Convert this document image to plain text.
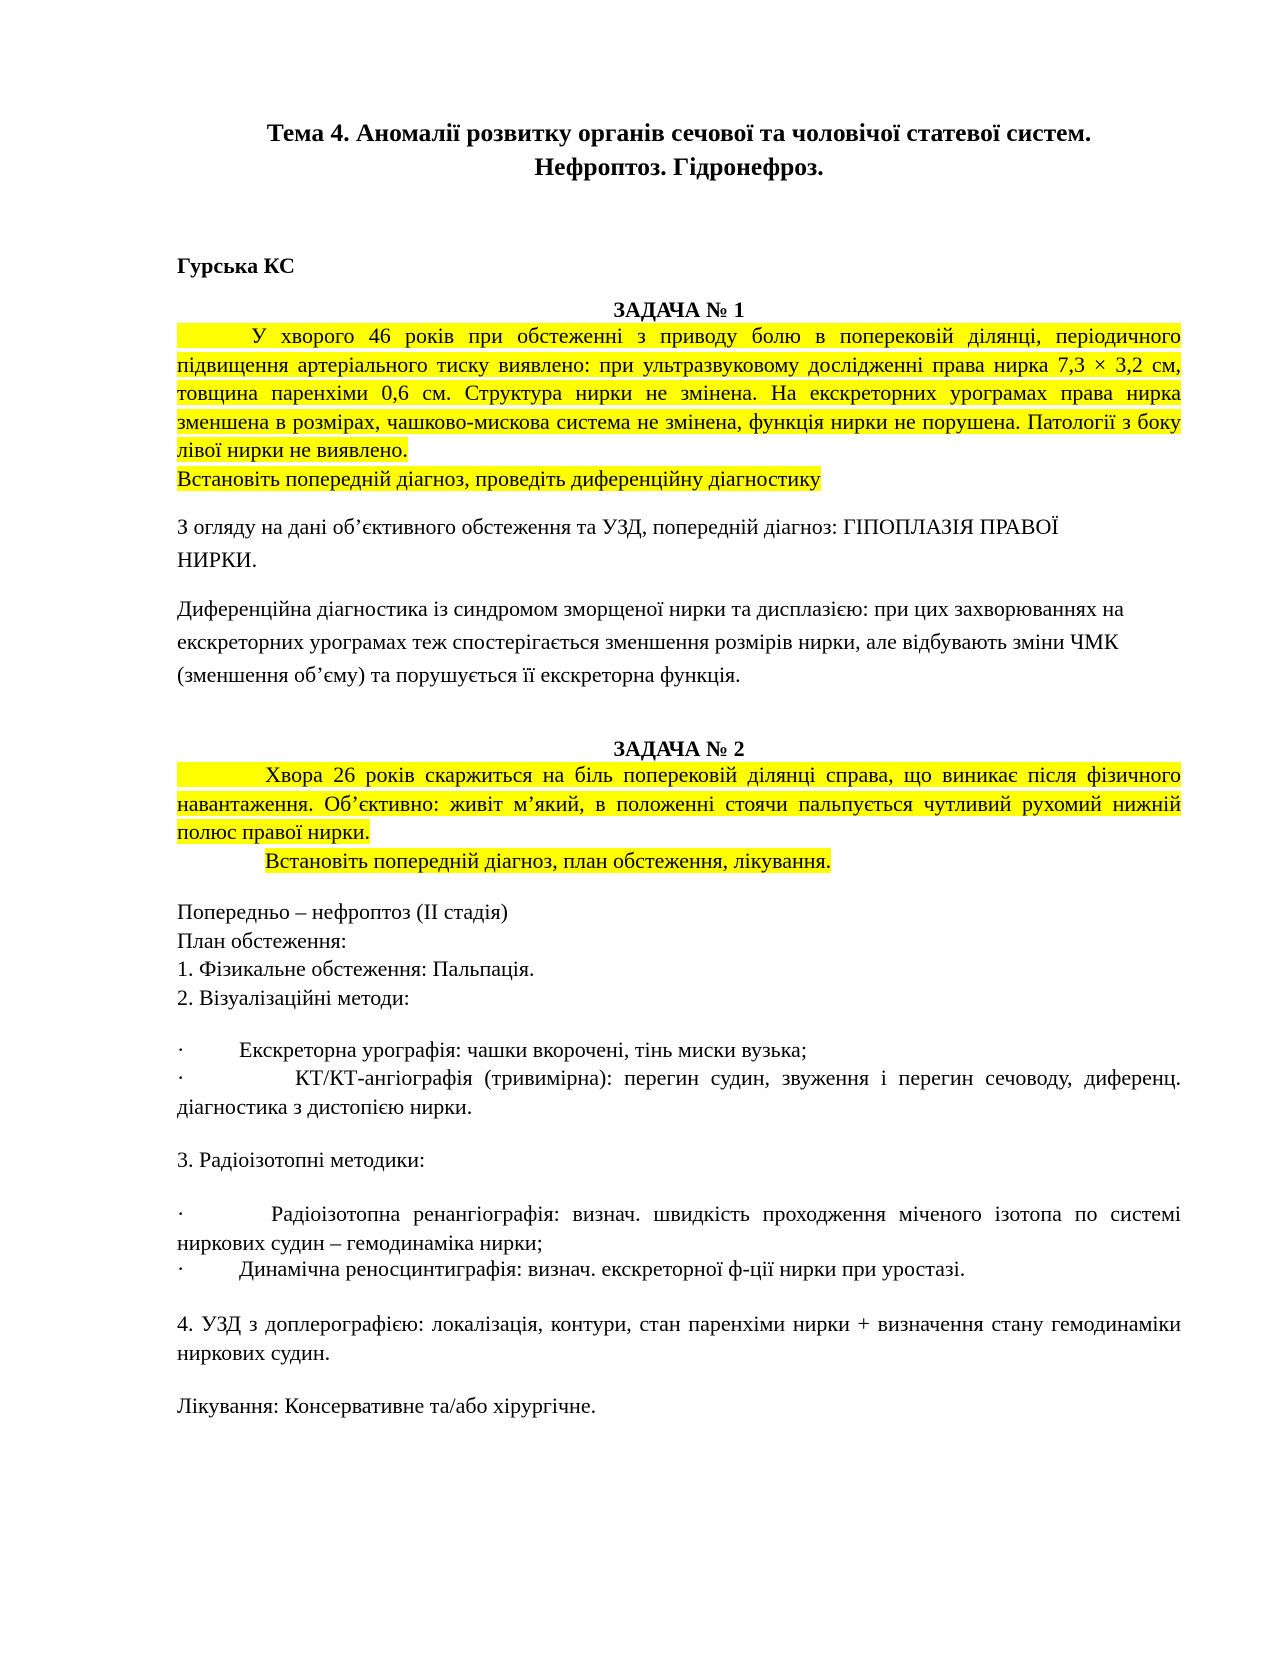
Тема 4. Аномалії розвитку органів сечової та чоловічої статевої систем.
Нефроптоз. Гідронефроз.
Гурська КС
ЗАДАЧА № 1

У хворого 46 років при обстеженні з приводу болю в поперековій ділянці, періодичного підвищення артеріального тиску виявлено: при ультразвуковому дослідженні права нирка 7,3 × 3,2 см, товщина паренхіми 0,6 см. Структура нирки не змінена. На екскреторних урограмах права нирка зменшена в розмірах, чашково-мискова система не змінена, функція нирки не порушена. Патології з боку лівої нирки не виявлено.

Встановіть попередній діагноз, проведіть диференційну діагностику

З огляду на дані об’єктивного обстеження та УЗД, попередній діагноз: ГІПОПЛАЗІЯ ПРАВОЇ НИРКИ.
Диференційна діагностика із синдромом зморщеної нирки та дисплазією: при цих захворюваннях на екскреторних урограмах теж спостерігається зменшення розмірів нирки, але відбувають зміни ЧМК (зменшення об’єму) та порушується її екскреторна функція.
ЗАДАЧА № 2

Хвора 26 років скаржиться на біль поперековій ділянці справа, що виникає після фізичного навантаження. Об’єктивно: живіт м’який, в положенні стоячи пальпується чутливий рухомий нижній полюс правої нирки.

Встановіть попередній діагноз, план обстеження, лікування.

Попередньо – нефроптоз (ІІ стадія)
План обстеження:
1. Фізикальне обстеження: Пальпація.
2. Візуалізаційні методи:
· Екскреторна урографія: чашки вкорочені, тінь миски вузька;
·	КТ/КТ-ангіографія (тривимірна): перегин судин, звуження і перегин сечоводу, диференц. діагностика з дистопією нирки.
3. Радіоізотопні методики:
·	Радіоізотопна ренангіографія: визнач. швидкість проходження міченого ізотопа по системі ниркових судин – гемодинаміка нирки;
· Динамічна реносцинтиграфія: визнач. екскреторної ф-ції нирки при уростазі.
4. УЗД з доплерографією: локалізація, контури, стан паренхіми нирки + визначення стану гемодинаміки ниркових судин.
Лікування: Консервативне та/або хірургічне.
